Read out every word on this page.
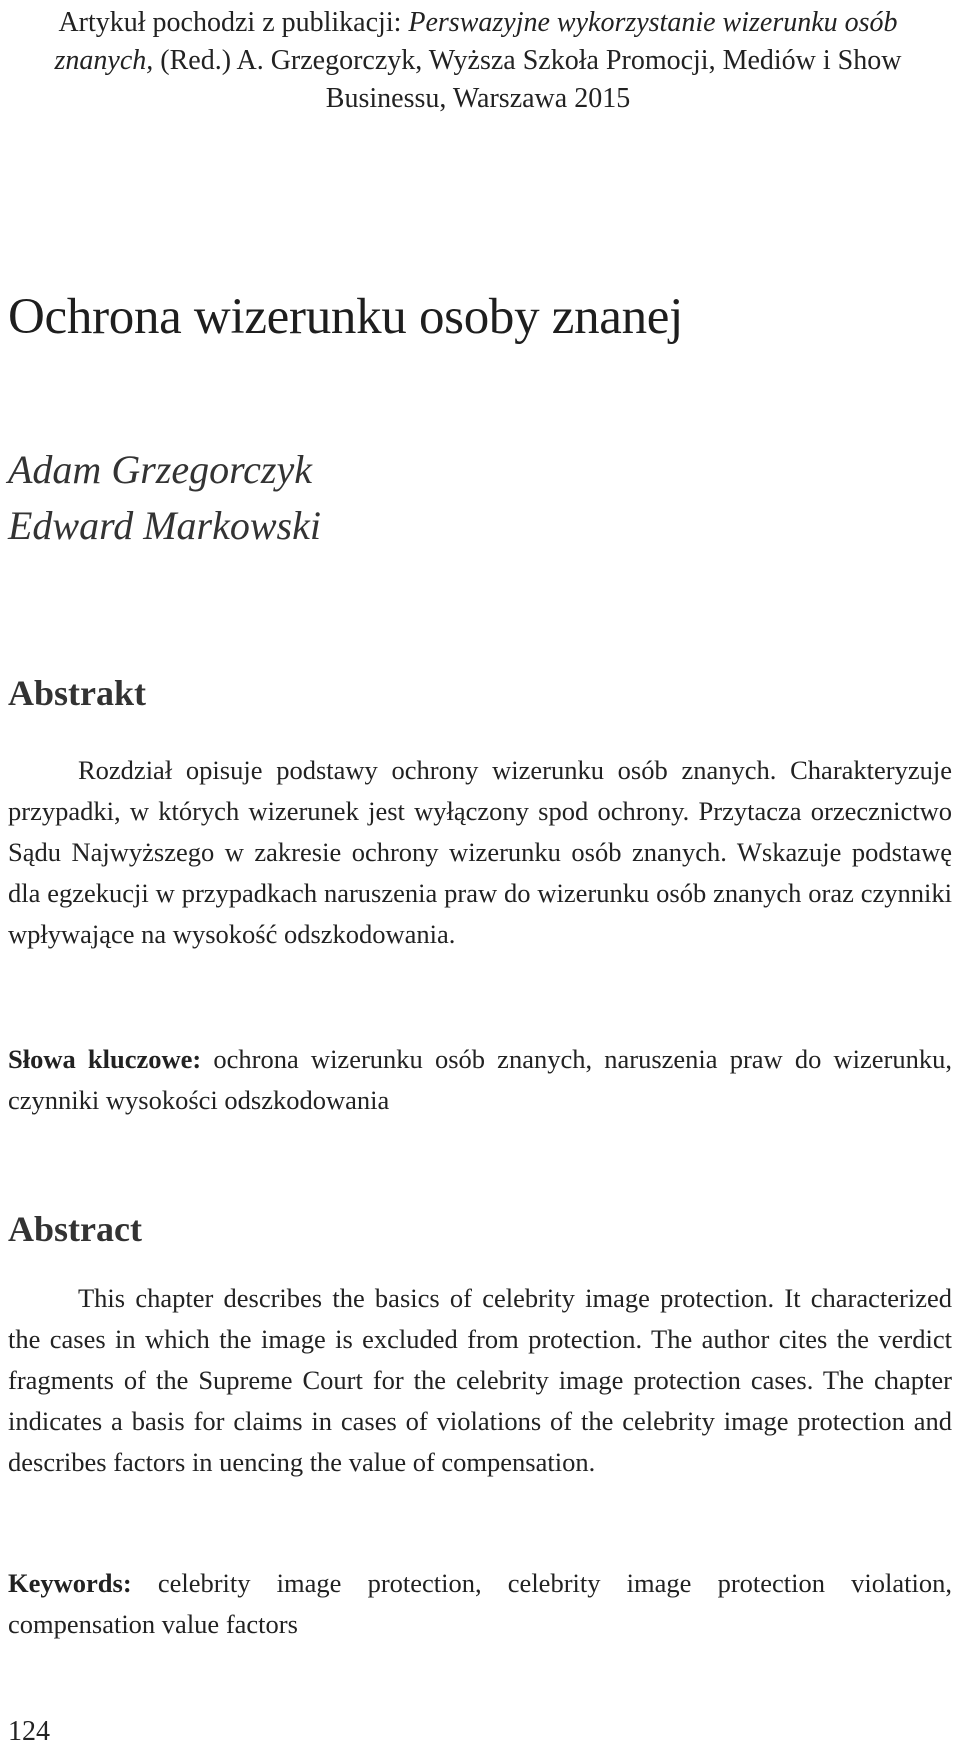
Artykuł pochodzi z publikacji: Perswazyjne wykorzystanie wizerunku osób znanych, (Red.) A. Grzegorczyk, Wyższa Szkoła Promocji, Mediów i Show Businessu, Warszawa 2015
Ochrona wizerunku osoby znanej
Adam Grzegorczyk
Edward Markowski
Abstrakt

Rozdział opisuje podstawy ochrony wizerunku osób znanych. Charakteryzuje przypadki, w których wizerunek jest wyłączony spod ochrony. Przytacza orzecznictwo Sądu Najwyższego w zakresie ochrony wizerunku osób znanych. Wskazuje podstawę dla egzekucji w przypadkach naruszenia praw do wizerunku osób znanych oraz czynniki wpływające na wysokość odszkodowania.

Słowa kluczowe: ochrona wizerunku osób znanych, naruszenia praw do wizerunku, czynniki wysokości odszkodowania

Abstract

This chapter describes the basics of celebrity image protection. It characterized the cases in which the image is excluded from protection. The author cites the verdict fragments of the Supreme Court for the celebrity image protection cases. The chapter indicates a basis for claims in cases of violations of the celebrity image protection and describes factors in uencing the value of compensation.

Keywords: celebrity image protection, celebrity image protection violation, compensation value factors

124
